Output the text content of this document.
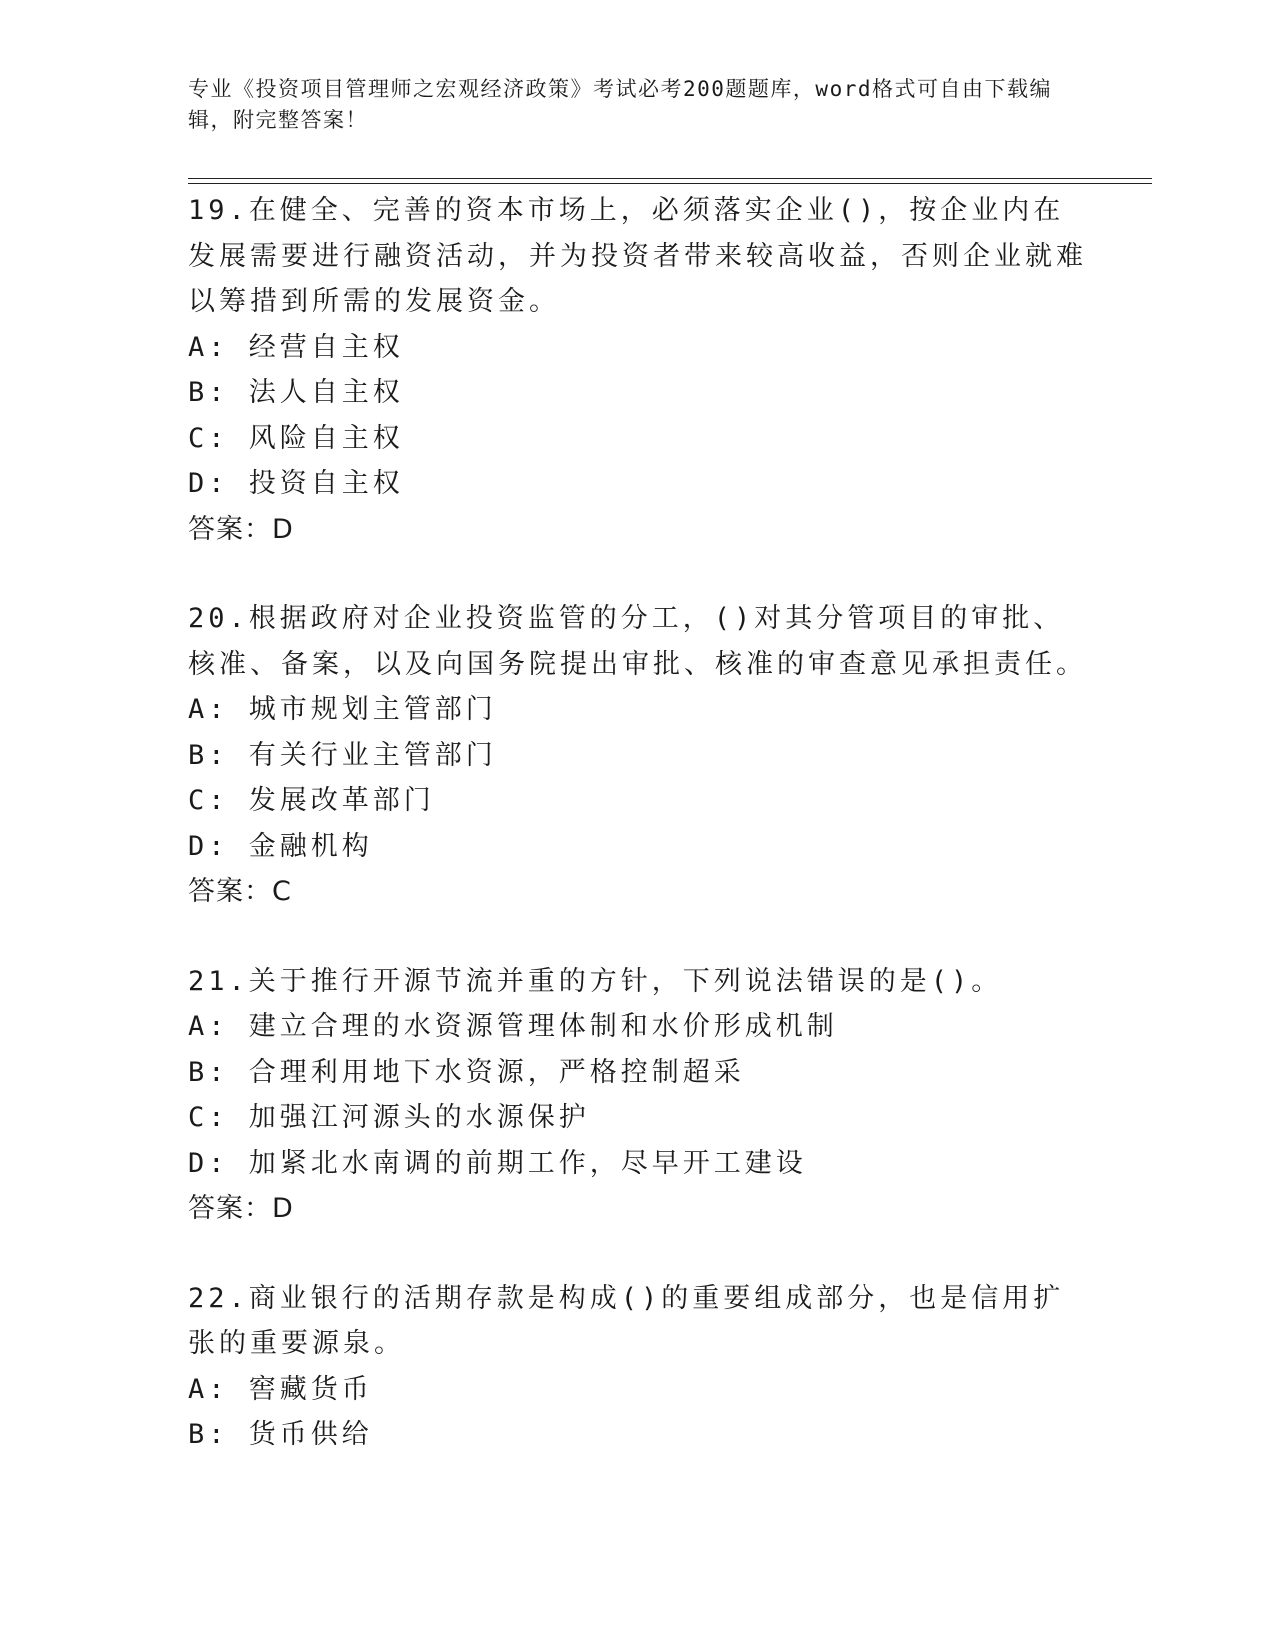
专业《投资项目管理师之宏观经济政策》考试必考200题题库，word格式可自由下载编辑，附完整答案！
19.在健全、完善的资本市场上，必须落实企业()，按企业内在发展需要进行融资活动，并为投资者带来较高收益，否则企业就难以筹措到所需的发展资金。
A: 经营自主权
B: 法人自主权
C: 风险自主权
D: 投资自主权
答案：D
20.根据政府对企业投资监管的分工，()对其分管项目的审批、核准、备案，以及向国务院提出审批、核准的审查意见承担责任。
A: 城市规划主管部门
B: 有关行业主管部门
C: 发展改革部门
D: 金融机构
答案：C
21.关于推行开源节流并重的方针，下列说法错误的是()。
A: 建立合理的水资源管理体制和水价形成机制
B: 合理利用地下水资源，严格控制超采
C: 加强江河源头的水源保护
D: 加紧北水南调的前期工作，尽早开工建设
答案：D
22.商业银行的活期存款是构成()的重要组成部分，也是信用扩张的重要源泉。
A: 窖藏货币
B: 货币供给
